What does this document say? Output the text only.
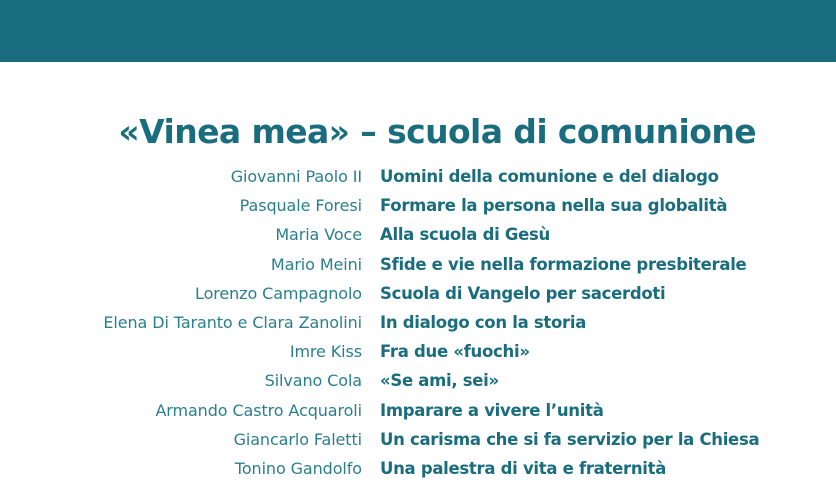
«Vinea mea» – scuola di comunione
Giovanni Paolo II Uomini della comunione e del dialogo
Pasquale Foresi Formare la persona nella sua globalità
Maria Voce Alla scuola di Gesù
Mario Meini Sfide e vie nella formazione presbiterale
Lorenzo Campagnolo Scuola di Vangelo per sacerdoti
Elena Di Taranto e Clara Zanolini In dialogo con la storia
Imre Kiss Fra due «fuochi»
Silvano Cola «Se ami, sei»
Armando Castro Acquaroli Imparare a vivere l’unità
Giancarlo Faletti Un carisma che si fa servizio per la Chiesa
Tonino Gandolfo Una palestra di vita e fraternità
